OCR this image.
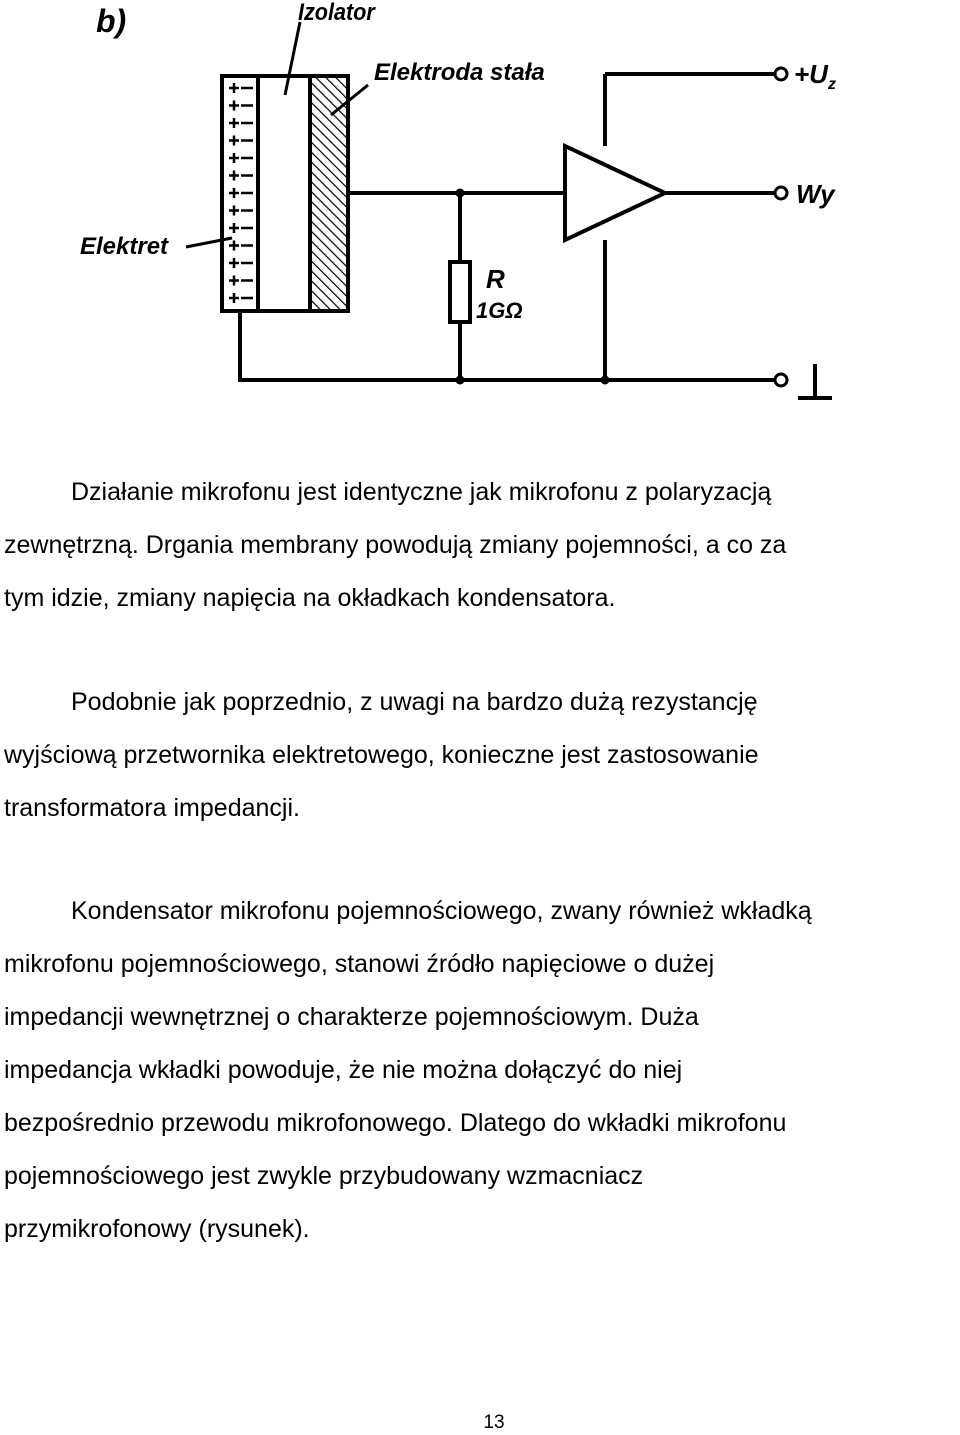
b)	Izolator
Elektroda stała
Elektret
R
1GΩ
$+U_z$
Wy
Działanie mikrofonu jest identyczne jak mikrofonu z polaryzacją
zewnętrzną. Drgania membrany powodują zmiany pojemności, a co za
tym idzie, zmiany napięcia na okładkach kondensatora.
Podobnie jak poprzednio, z uwagi na bardzo dużą rezystancję
wyjściową przetwornika elektretowego, konieczne jest zastosowanie
transformatora impedancji.
Kondensator mikrofonu pojemnościowego, zwany również wkładką
mikrofonu pojemnościowego, stanowi źródło napięciowe o dużej
impedancji wewnętrznej o charakterze pojemnościowym. Duża
impedancja wkładki powoduje, że nie można dołączyć do niej
bezpośrednio przewodu mikrofonowego. Dlatego do wkładki mikrofonu
pojemnościowego jest zwykle przybudowany wzmacniacz
przymikrofonowy (rysunek).
13
